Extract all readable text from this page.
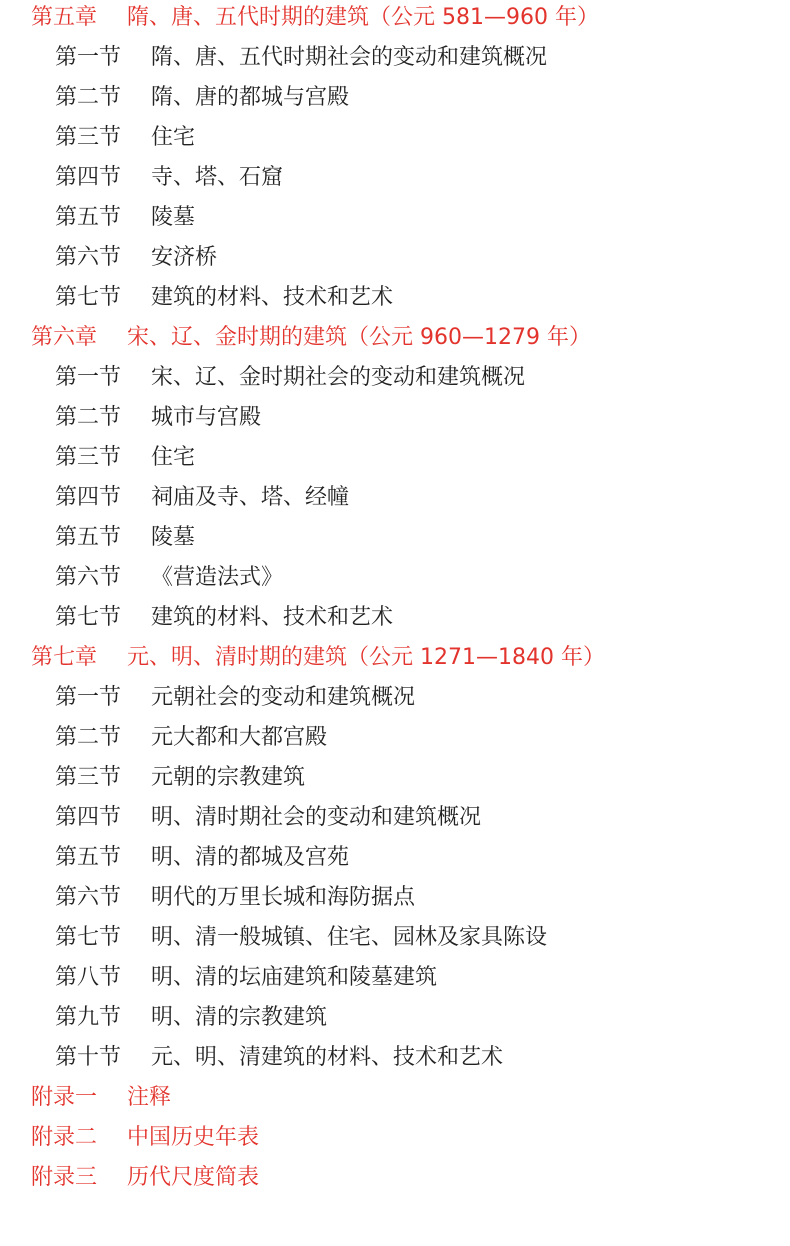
第五章 隋、唐、五代时期的建筑（公元 581—960 年）
第一节 隋、唐、五代时期社会的变动和建筑概况
第二节 隋、唐的都城与宫殿
第三节 住宅
第四节 寺、塔、石窟
第五节 陵墓
第六节 安济桥
第七节 建筑的材料、技术和艺术
第六章 宋、辽、金时期的建筑（公元 960—1279 年）
第一节 宋、辽、金时期社会的变动和建筑概况
第二节 城市与宫殿
第三节 住宅
第四节 祠庙及寺、塔、经幢
第五节 陵墓
第六节 《营造法式》
第七节 建筑的材料、技术和艺术
第七章 元、明、清时期的建筑（公元 1271—1840 年）
第一节 元朝社会的变动和建筑概况
第二节 元大都和大都宫殿
第三节 元朝的宗教建筑
第四节 明、清时期社会的变动和建筑概况
第五节 明、清的都城及宫苑
第六节 明代的万里长城和海防据点
第七节 明、清一般城镇、住宅、园林及家具陈设
第八节 明、清的坛庙建筑和陵墓建筑
第九节 明、清的宗教建筑
第十节 元、明、清建筑的材料、技术和艺术
附录一 注释
附录二 中国历史年表
附录三 历代尺度简表
